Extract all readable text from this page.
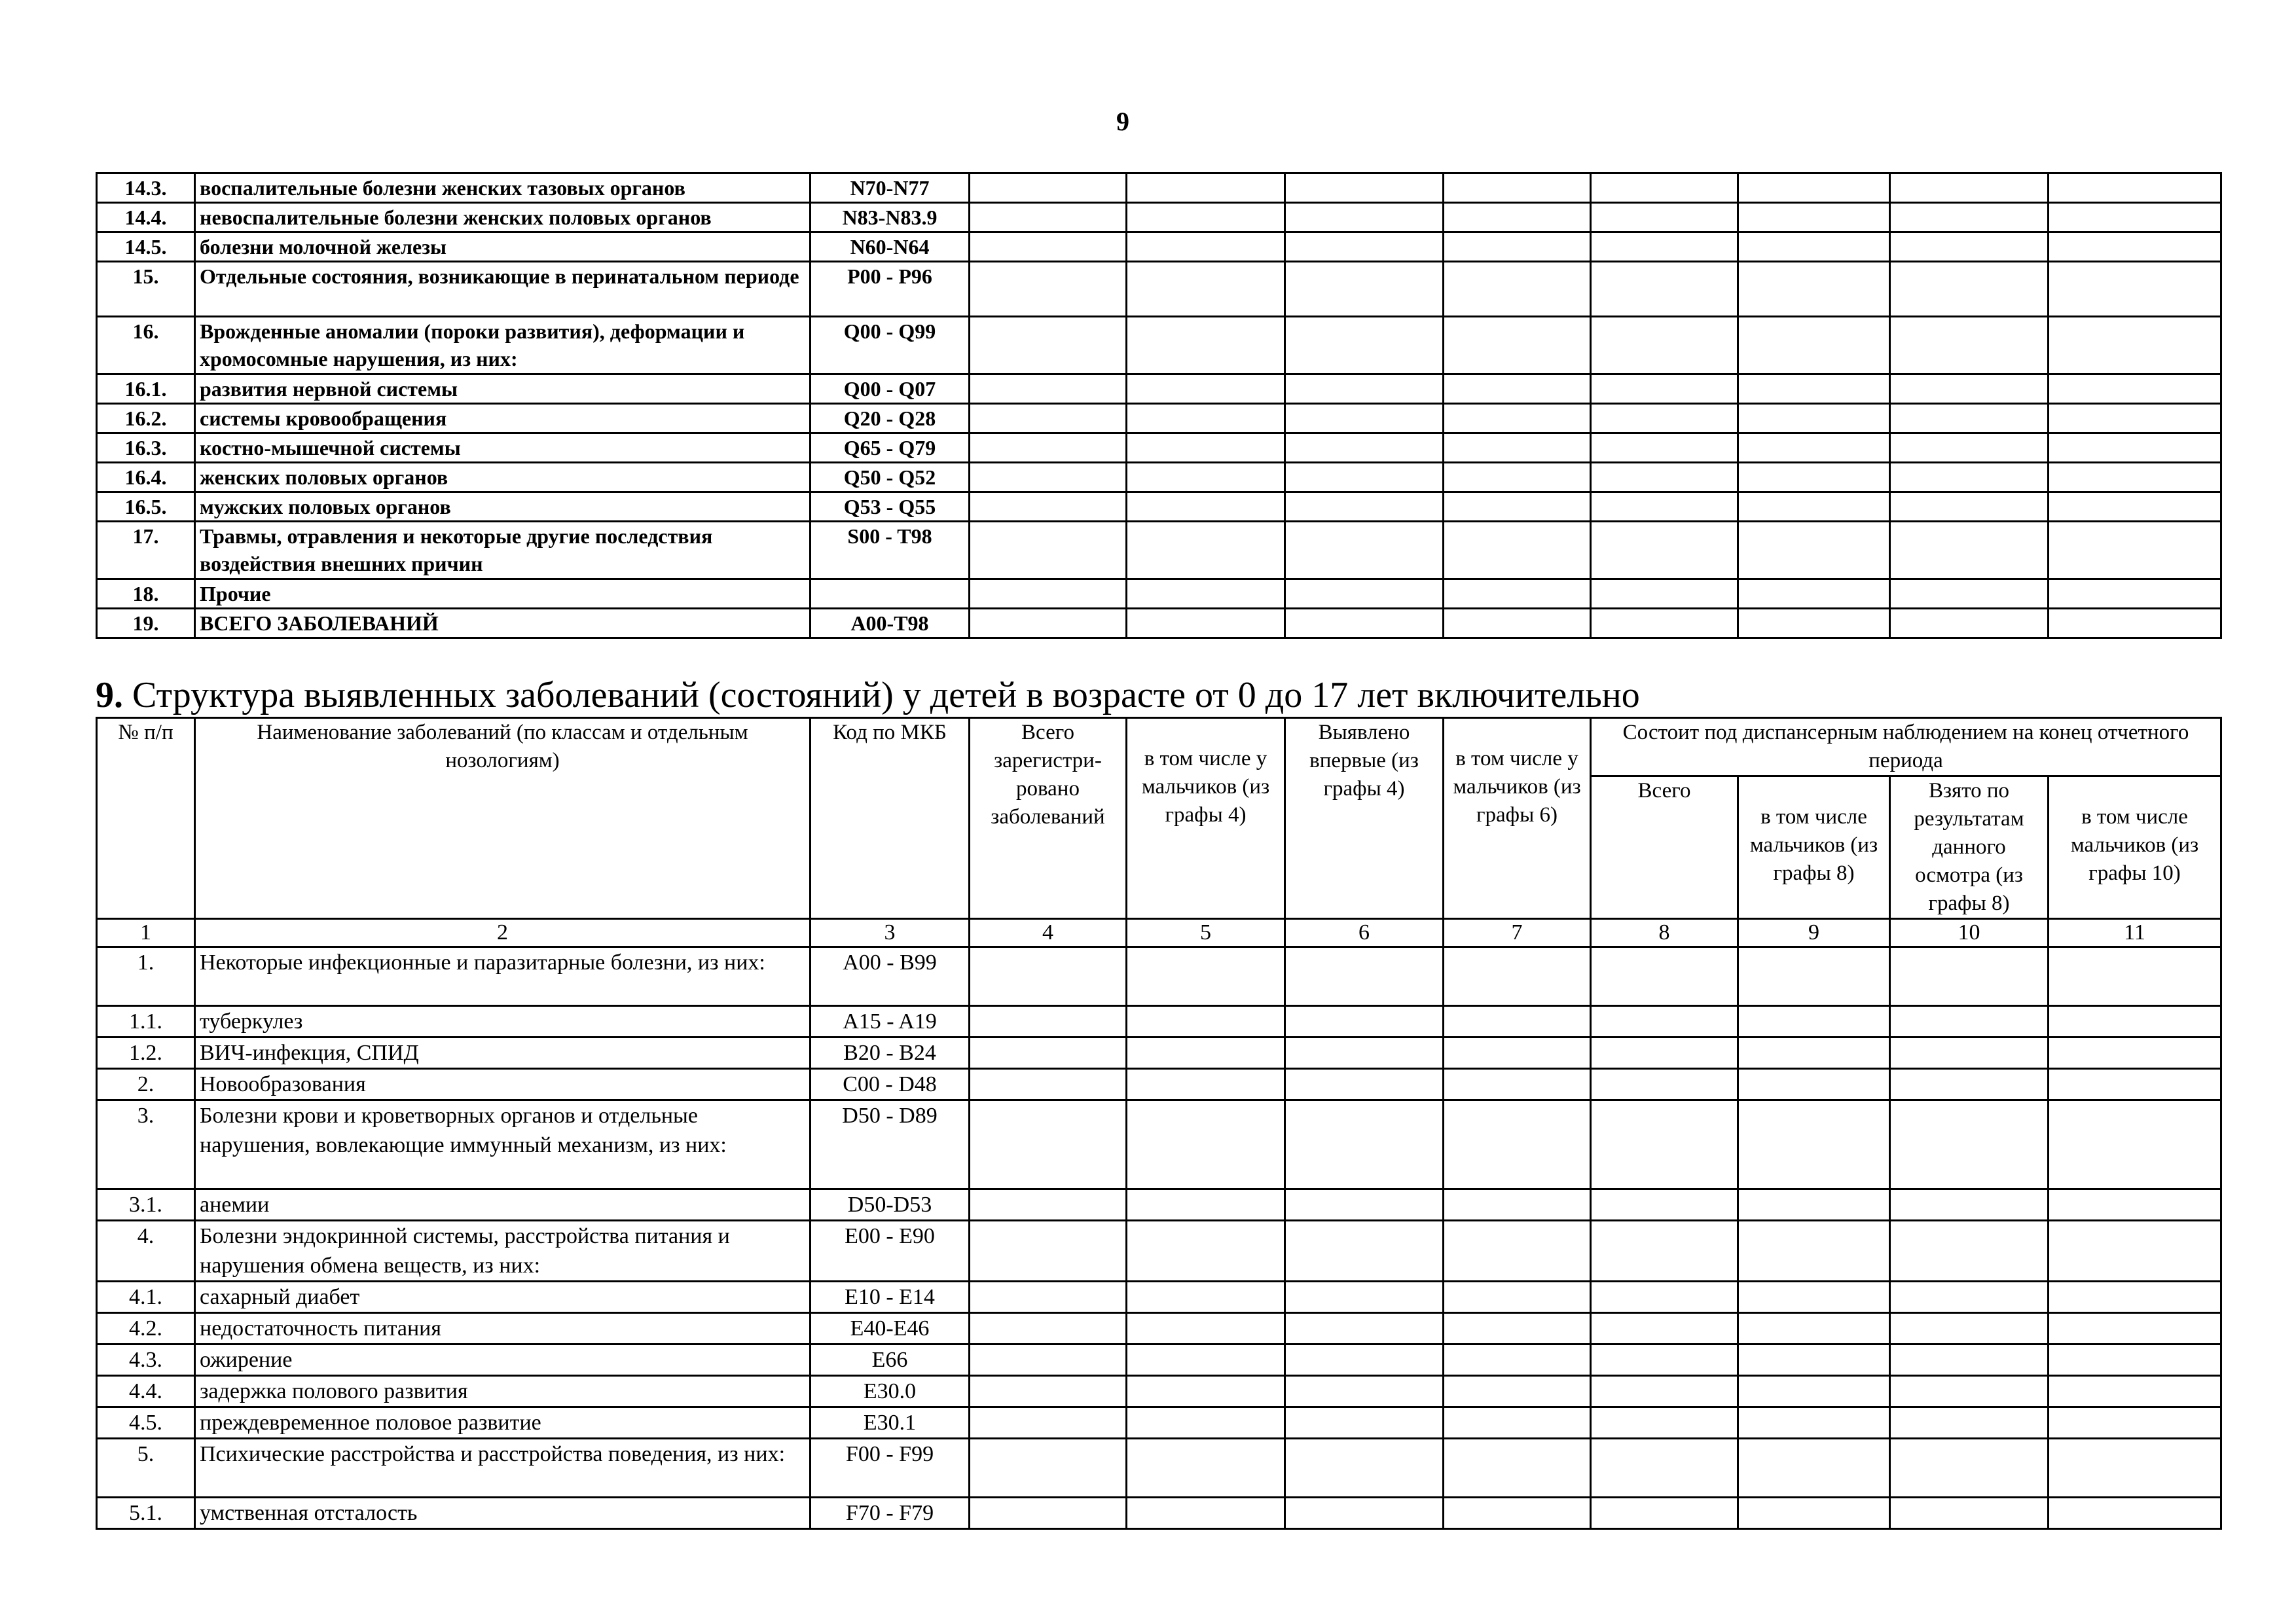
9
14.3.	воспалительные болезни женских тазовых органов	N70-N77								
14.4.	невоспалительные болезни женских половых органов	N83-N83.9								
14.5.	болезни молочной железы	N60-N64								
15.	Отдельные состояния, возникающие в перинатальном периоде	P00 - P96								
16.	Врожденные аномалии (пороки развития), деформации и хромосомные нарушения, из них:	Q00 - Q99								
16.1.	развития нервной системы	Q00 - Q07								
16.2.	системы кровообращения	Q20 - Q28								
16.3.	костно-мышечной системы	Q65 - Q79								
16.4.	женских половых органов	Q50 - Q52								
16.5.	мужских половых органов	Q53 - Q55								
17.	Травмы, отравления и некоторые другие последствия воздействия внешних причин	S00 - T98								
18.	Прочие									
19.	ВСЕГО ЗАБОЛЕВАНИЙ	A00-T98								
9. Структура выявленных заболеваний (состояний) у детей в возрасте от 0 до 17 лет включительно
№ п/п	Наименование заболеваний (по классам и отдельным нозологиям)	Код по МКБ	Всего зарегистри- ровано заболеваний	в том числе у мальчиков (из графы 4)	Выявлено впервые (из графы 4)	в том числе у мальчиков (из графы 6)	Состоит под диспансерным наблюдением на конец отчетного периода			
							Всего	в том числе мальчиков (из графы 8)	Взято по результатам данного осмотра (из графы 8)	в том числе мальчиков (из графы 10)
1	2	3	4	5	6	7	8	9	10	11
1.	Некоторые инфекционные и паразитарные болезни, из них:	A00 - B99								
1.1.	туберкулез	A15 - A19								
1.2.	ВИЧ-инфекция, СПИД	B20 - B24								
2.	Новообразования	C00 - D48								
3.	Болезни крови и кроветворных органов и отдельные нарушения, вовлекающие иммунный механизм, из них:	D50 - D89								
3.1.	анемии	D50-D53								
4.	Болезни эндокринной системы, расстройства питания и нарушения обмена веществ, из них:	E00 - E90								
4.1.	сахарный диабет	E10 - E14								
4.2.	недостаточность питания	E40-E46								
4.3.	ожирение	E66								
4.4.	задержка полового развития	E30.0								
4.5.	преждевременное половое развитие	E30.1								
5.	Психические расстройства и расстройства поведения, из них:	F00 - F99								
5.1.	умственная отсталость	F70 - F79								
